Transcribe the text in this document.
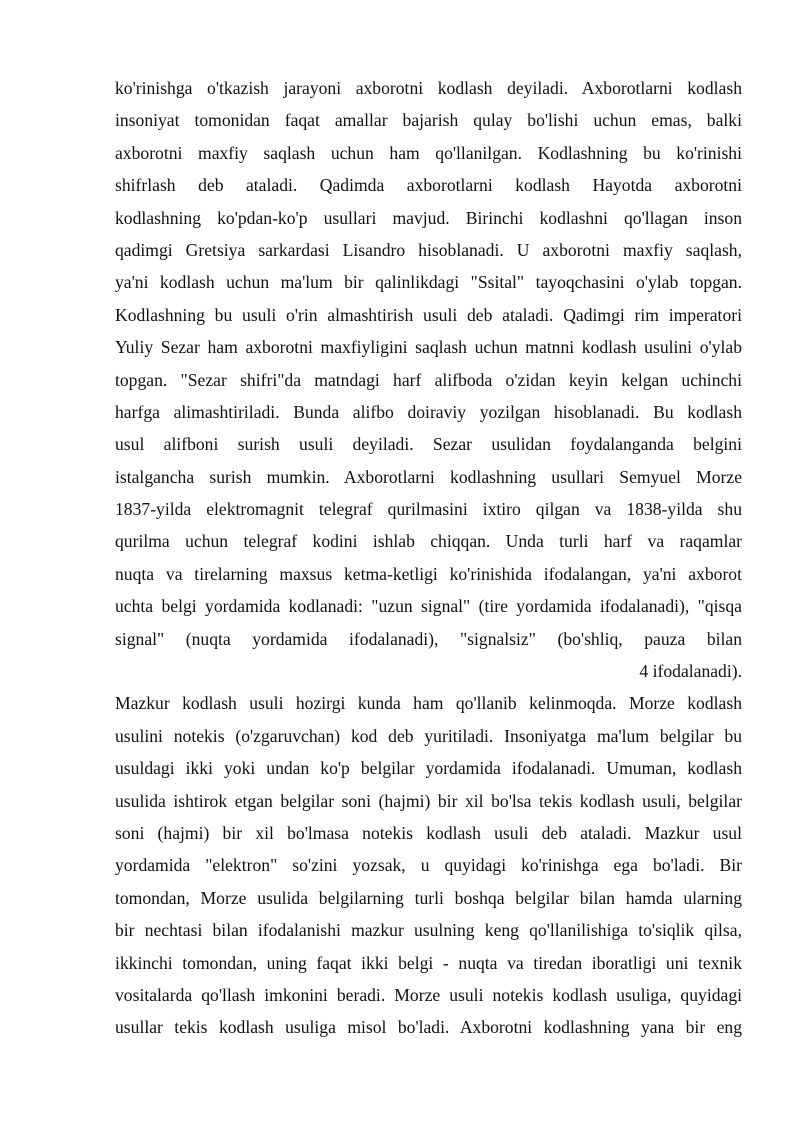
ko'rinishga o'tkazish jarayoni axborotni kodlash deyiladi. Axborotlarni kodlash
insoniyat tomonidan faqat amallar bajarish qulay bo'lishi uchun emas, balki
axborotni maxfiy saqlash uchun ham qo'llanilgan. Kodlashning bu ko'rinishi
shifrlash deb ataladi. Qadimda axborotlarni kodlash Hayotda axborotni
kodlashning ko'pdan-ko'p usullari mavjud. Birinchi kodlashni qo'llagan inson
qadimgi Gretsiya sarkardasi Lisandro hisoblanadi. U axborotni maxfiy saqlash,
ya'ni kodlash uchun ma'lum bir qalinlikdagi "Ssital" tayoqchasini o'ylab topgan.
Kodlashning bu usuli o'rin almashtirish usuli deb ataladi. Qadimgi rim imperatori
Yuliy Sezar ham axborotni maxfiyligini saqlash uchun matnni kodlash usulini o'ylab
topgan. "Sezar shifri"da matndagi harf alifboda o'zidan keyin kelgan uchinchi
harfga alimashtiriladi. Bunda alifbo doiraviy yozilgan hisoblanadi. Bu kodlash
usul alifboni surish usuli deyiladi. Sezar usulidan foydalanganda belgini
istalgancha surish mumkin. Axborotlarni kodlashning usullari Semyuel Morze
1837-yilda elektromagnit telegraf qurilmasini ixtiro qilgan va 1838-yilda shu
qurilma uchun telegraf kodini ishlab chiqqan. Unda turli harf va raqamlar
nuqta va tirelarning maxsus ketma-ketligi ko'rinishida ifodalangan, ya'ni axborot
uchta belgi yordamida kodlanadi: "uzun signal" (tire yordamida ifodalanadi), "qisqa
signal" (nuqta yordamida ifodalanadi), "signalsiz" (bo'shliq, pauza bilan
4 ifodalanadi).
Mazkur kodlash usuli hozirgi kunda ham qo'llanib kelinmoqda. Morze kodlash
usulini notekis (o'zgaruvchan) kod deb yuritiladi. Insoniyatga ma'lum belgilar bu
usuldagi ikki yoki undan ko'p belgilar yordamida ifodalanadi. Umuman, kodlash
usulida ishtirok etgan belgilar soni (hajmi) bir xil bo'lsa tekis kodlash usuli, belgilar
soni (hajmi) bir xil bo'lmasa notekis kodlash usuli deb ataladi. Mazkur usul
yordamida "elektron" so'zini yozsak, u quyidagi ko'rinishga ega bo'ladi. Bir
tomondan, Morze usulida belgilarning turli boshqa belgilar bilan hamda ularning
bir nechtasi bilan ifodalanishi mazkur usulning keng qo'llanilishiga to'siqlik qilsa,
ikkinchi tomondan, uning faqat ikki belgi - nuqta va tiredan iboratligi uni texnik
vositalarda qo'llash imkonini beradi. Morze usuli notekis kodlash usuliga, quyidagi
usullar tekis kodlash usuliga misol bo'ladi. Axborotni kodlashning yana bir eng
